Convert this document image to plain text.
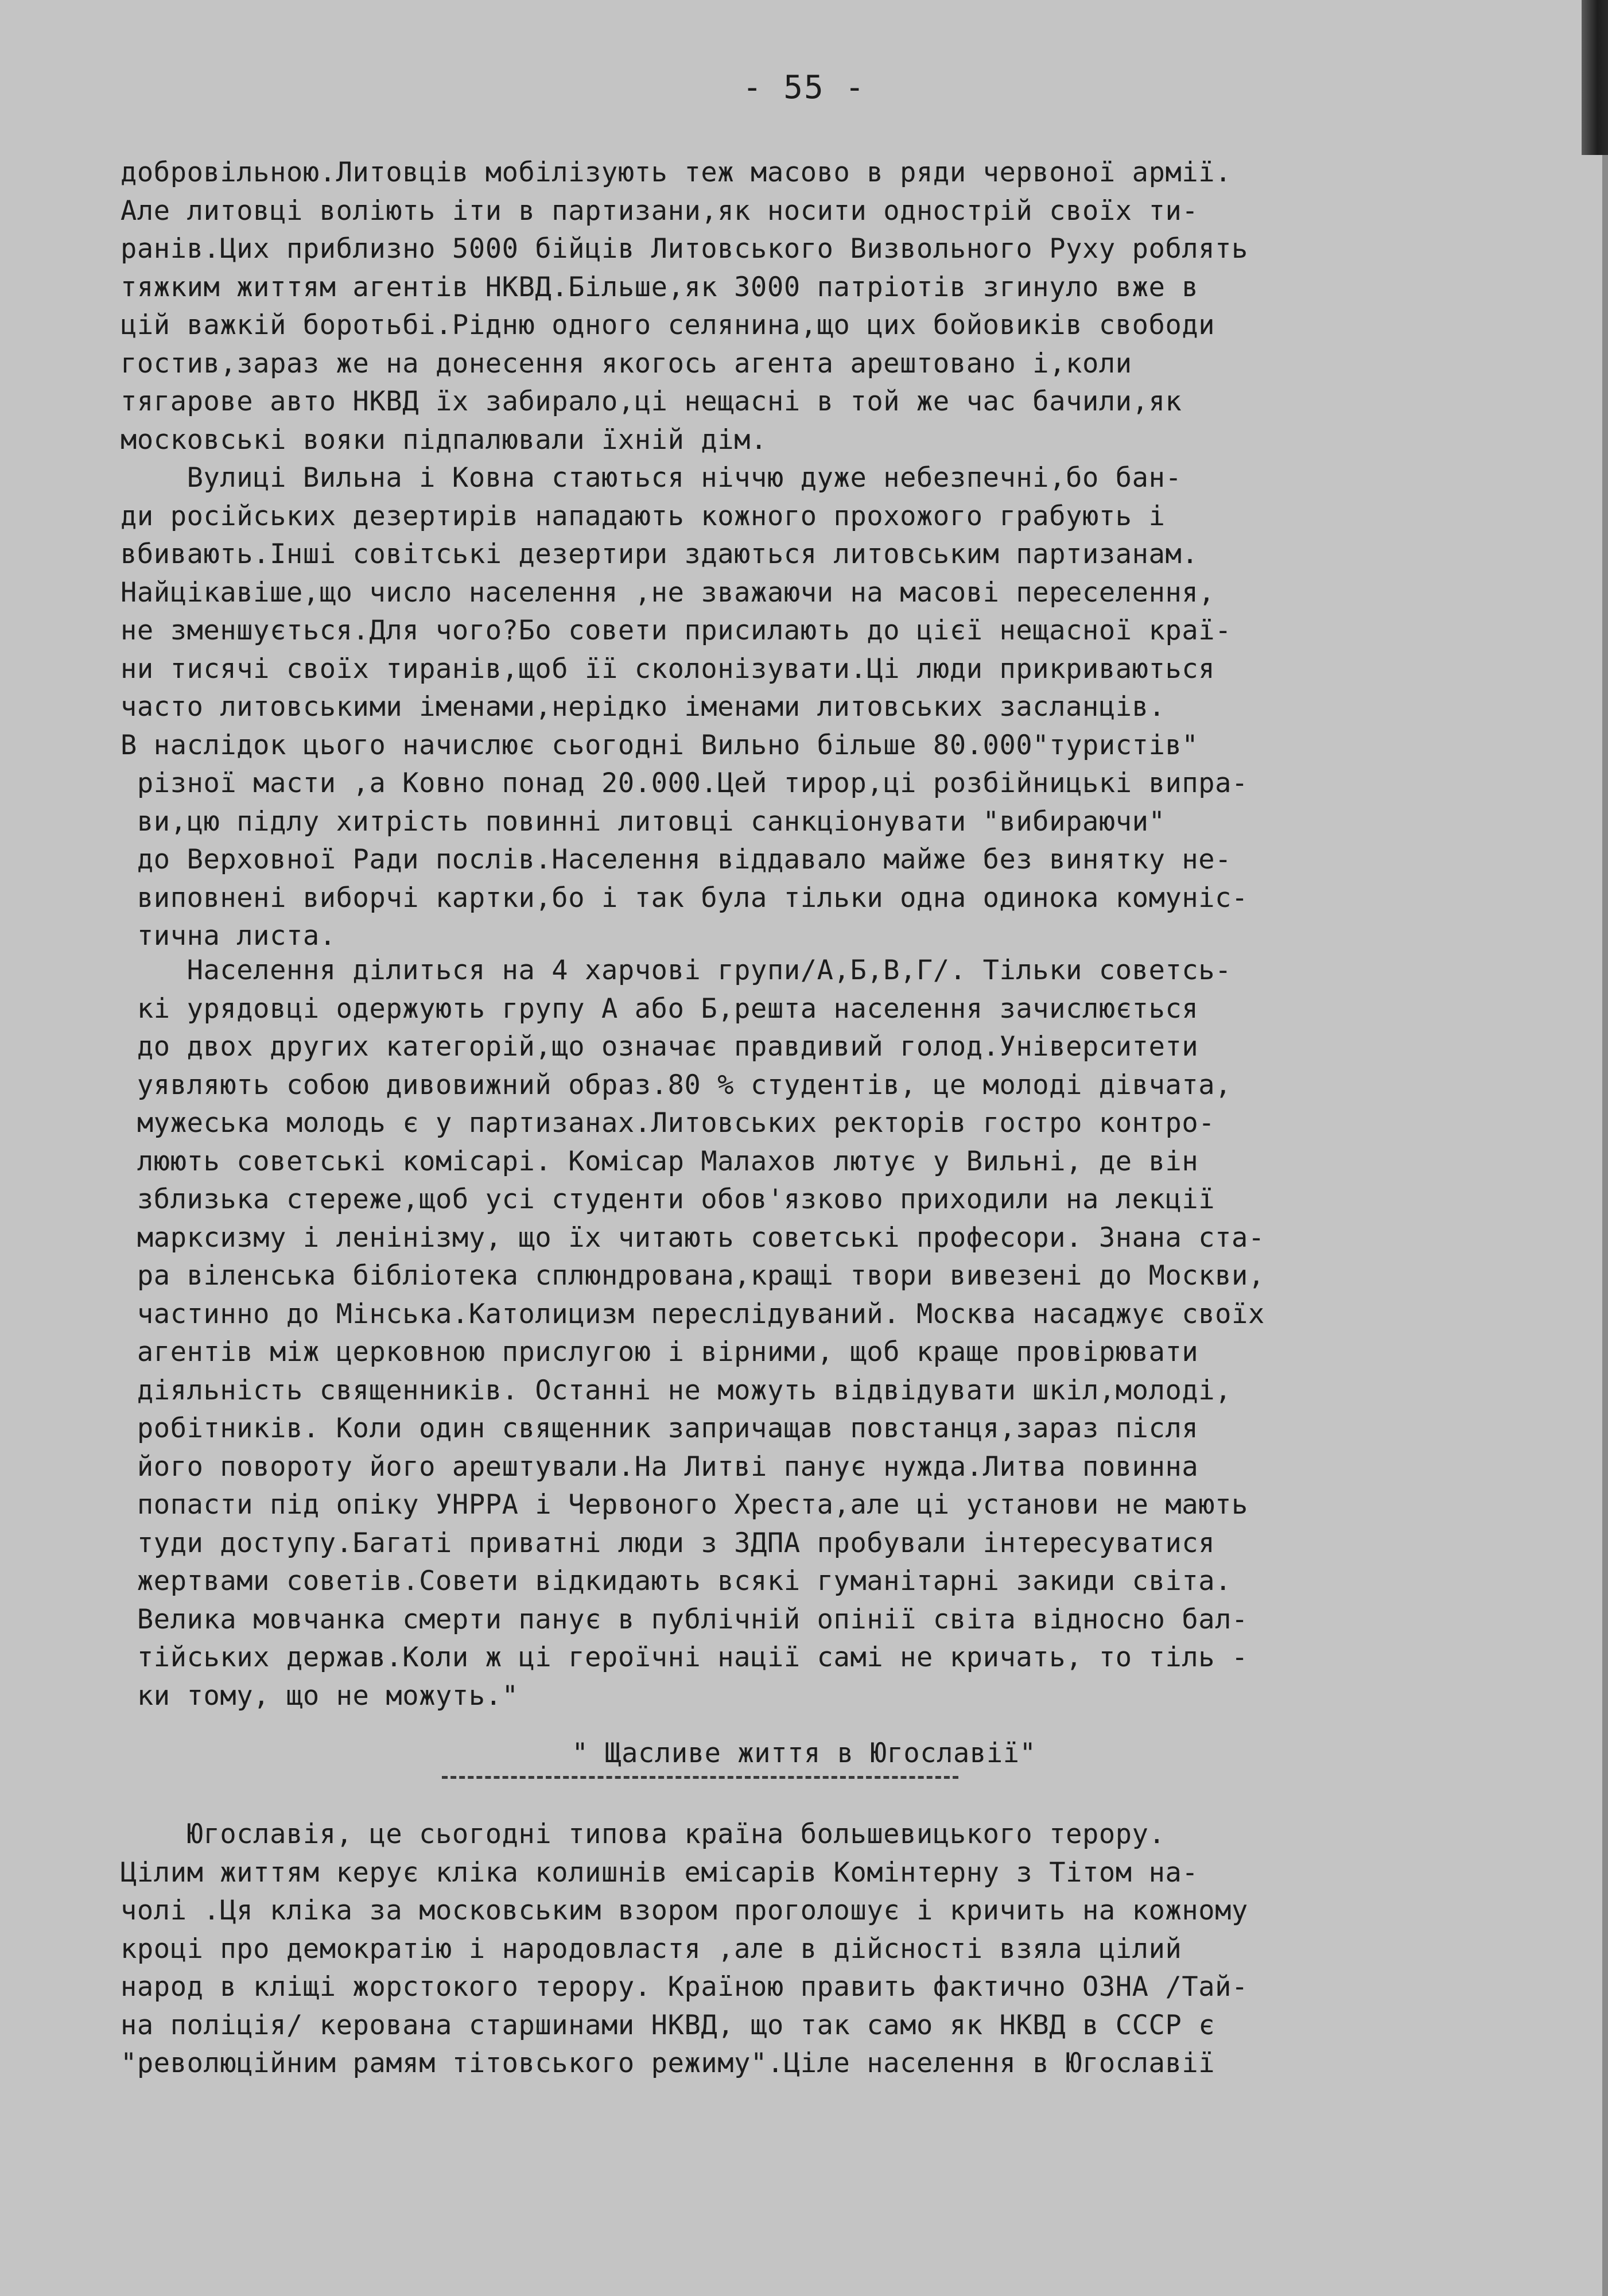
- 55 -
добровільною.Литовців мобілізують теж масово в ряди червоної армії.
Але литовці воліють іти в партизани,як носити однострій своїх ти-
ранів.Цих приблизно 5000 бійців Литовського Визвольного Руху роблять
тяжким життям агентів НКВД.Більше,як 3000 патріотів згинуло вже в
цій важкій боротьбі.Рідню одного селянина,що цих бойовиків свободи
гостив,зараз же на донесення якогось агента арештовано і,коли
тягарове авто НКВД їх забирало,ці нещасні в той же час бачили,як
московські вояки підпалювали їхній дім.
Вулиці Вильна і Ковна стаються ніччю дуже небезпечні,бо бан-
ди російських дезертирів нападають кожного прохожого грабують і
вбивають.Інші совітські дезертири здаються литовським партизанам.
Найцікавіше,що число населення ,не зважаючи на масові переселення,
не зменшується.Для чого?Бо совети присилають до цієї нещасної краї-
ни тисячі своїх тиранів,щоб її сколонізувати.Ці люди прикриваються
часто литовськими іменами,нерідко іменами литовських засланців.
В наслідок цього начислює сьогодні Вильно більше 80.000"туристів"
різної масти ,а Ковно понад 20.000.Цей тирор,ці розбійницькі випра-
ви,цю підлу хитрість повинні литовці санкціонувати "вибираючи"
до Верховної Ради послів.Населення віддавало майже без винятку не-
виповнені виборчі картки,бо і так була тільки одна одинока комуніс-
тична листа.
Населення ділиться на 4 харчові групи/А,Б,В,Г/. Тільки советсь-
кі урядовці одержують групу А або Б,решта населення зачислюється
до двох других категорій,що означає правдивий голод.Університети
уявляють собою дивовижний образ.80 % студентів, це молоді дівчата,
мужеська молодь є у партизанах.Литовських ректорів гостро контро-
люють советські комісарі. Комісар Малахов лютує у Вильні, де він
зблизька стереже,щоб усі студенти обов'язково приходили на лекції
марксизму і ленінізму, що їх читають советські професори. Знана ста-
ра віленська бібліотека сплюндрована,кращі твори вивезені до Москви,
частинно до Мінська.Католицизм переслідуваний. Москва насаджує своїх
агентів між церковною прислугою і вірними, щоб краще провірювати
діяльність священників. Останні не можуть відвідувати шкіл,молоді,
робітників. Коли один священник запричащав повстанця,зараз після
його повороту його арештували.На Литві панує нужда.Литва повинна
попасти під опіку УНРРА і Червоного Хреста,але ці установи не мають
туди доступу.Багаті приватні люди з ЗДПА пробували інтересуватися
жертвами советів.Совети відкидають всякі гуманітарні закиди світа.
Велика мовчанка смерти панує в публічній опінії світа відносно бал-
тійських держав.Коли ж ці героїчні нації самі не кричать, то тіль -
ки тому, що не можуть."
" Щасливе життя в Югославії"
Югославія, це сьогодні типова країна большевицького терору.
Цілим життям керує кліка колишнів емісарів Комінтерну з Тітом на-
чолі .Ця кліка за московським взором проголошує і кричить на кожному
кроці про демократію і народовластя ,але в дійсності взяла цілий
народ в кліщі жорстокого терору. Країною править фактично ОЗНА /Тай-
на поліція/ керована старшинами НКВД, що так само як НКВД в СССР є
"революційним рамям тітовського режиму".Ціле населення в Югославії
